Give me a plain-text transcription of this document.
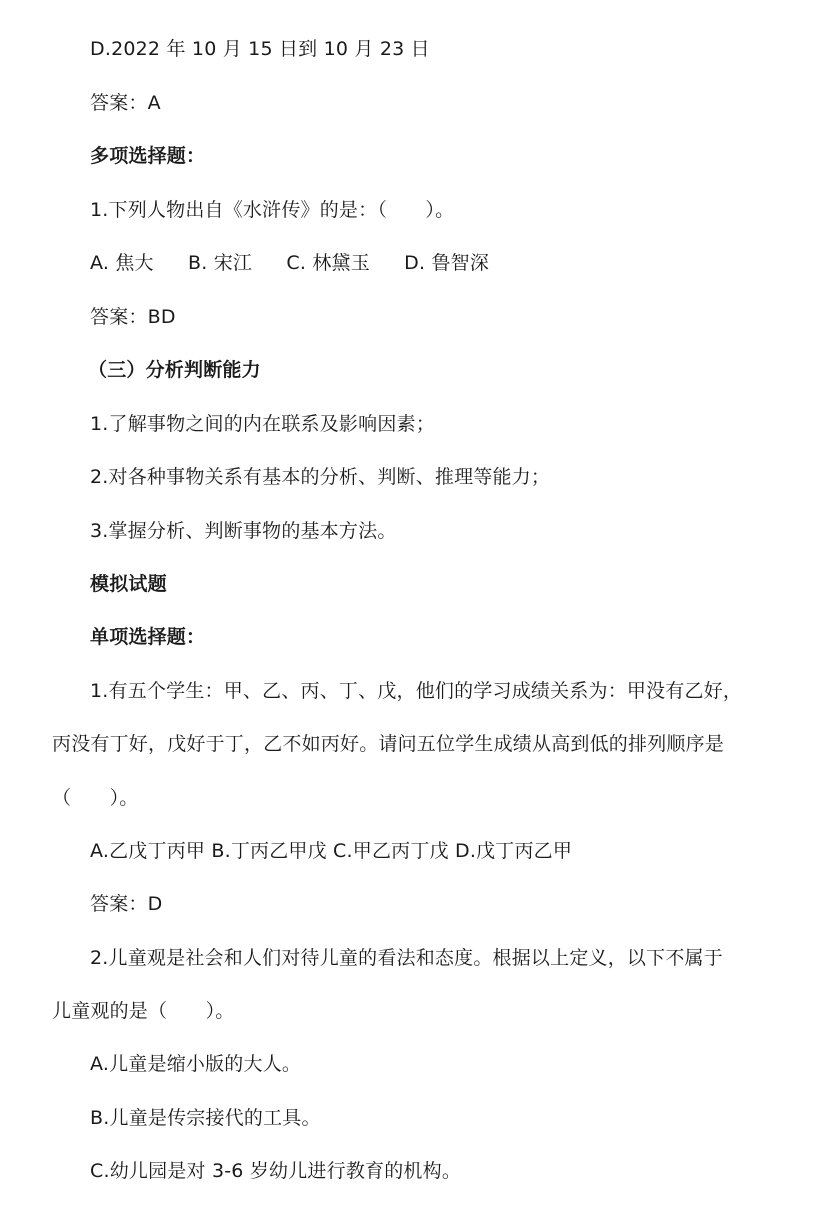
D.2022 年 10 月 15 日到 10 月 23 日
答案：A
多项选择题：
1.下列人物出自《水浒传》的是：（　　）。
A. 焦大 B. 宋江 C. 林黛玉 D. 鲁智深
答案：BD
（三）分析判断能力
1.了解事物之间的内在联系及影响因素；
2.对各种事物关系有基本的分析、判断、推理等能力；
3.掌握分析、判断事物的基本方法。
模拟试题
单项选择题：
1.有五个学生：甲、乙、丙、丁、戊，他们的学习成绩关系为：甲没有乙好，
丙没有丁好，戊好于丁，乙不如丙好。请问五位学生成绩从高到低的排列顺序是
（　　）。
A.乙戊丁丙甲 B.丁丙乙甲戊 C.甲乙丙丁戊 D.戊丁丙乙甲
答案：D
2.儿童观是社会和人们对待儿童的看法和态度。根据以上定义，以下不属于
儿童观的是（　　）。
A.儿童是缩小版的大人。
B.儿童是传宗接代的工具。
C.幼儿园是对 3-6 岁幼儿进行教育的机构。
